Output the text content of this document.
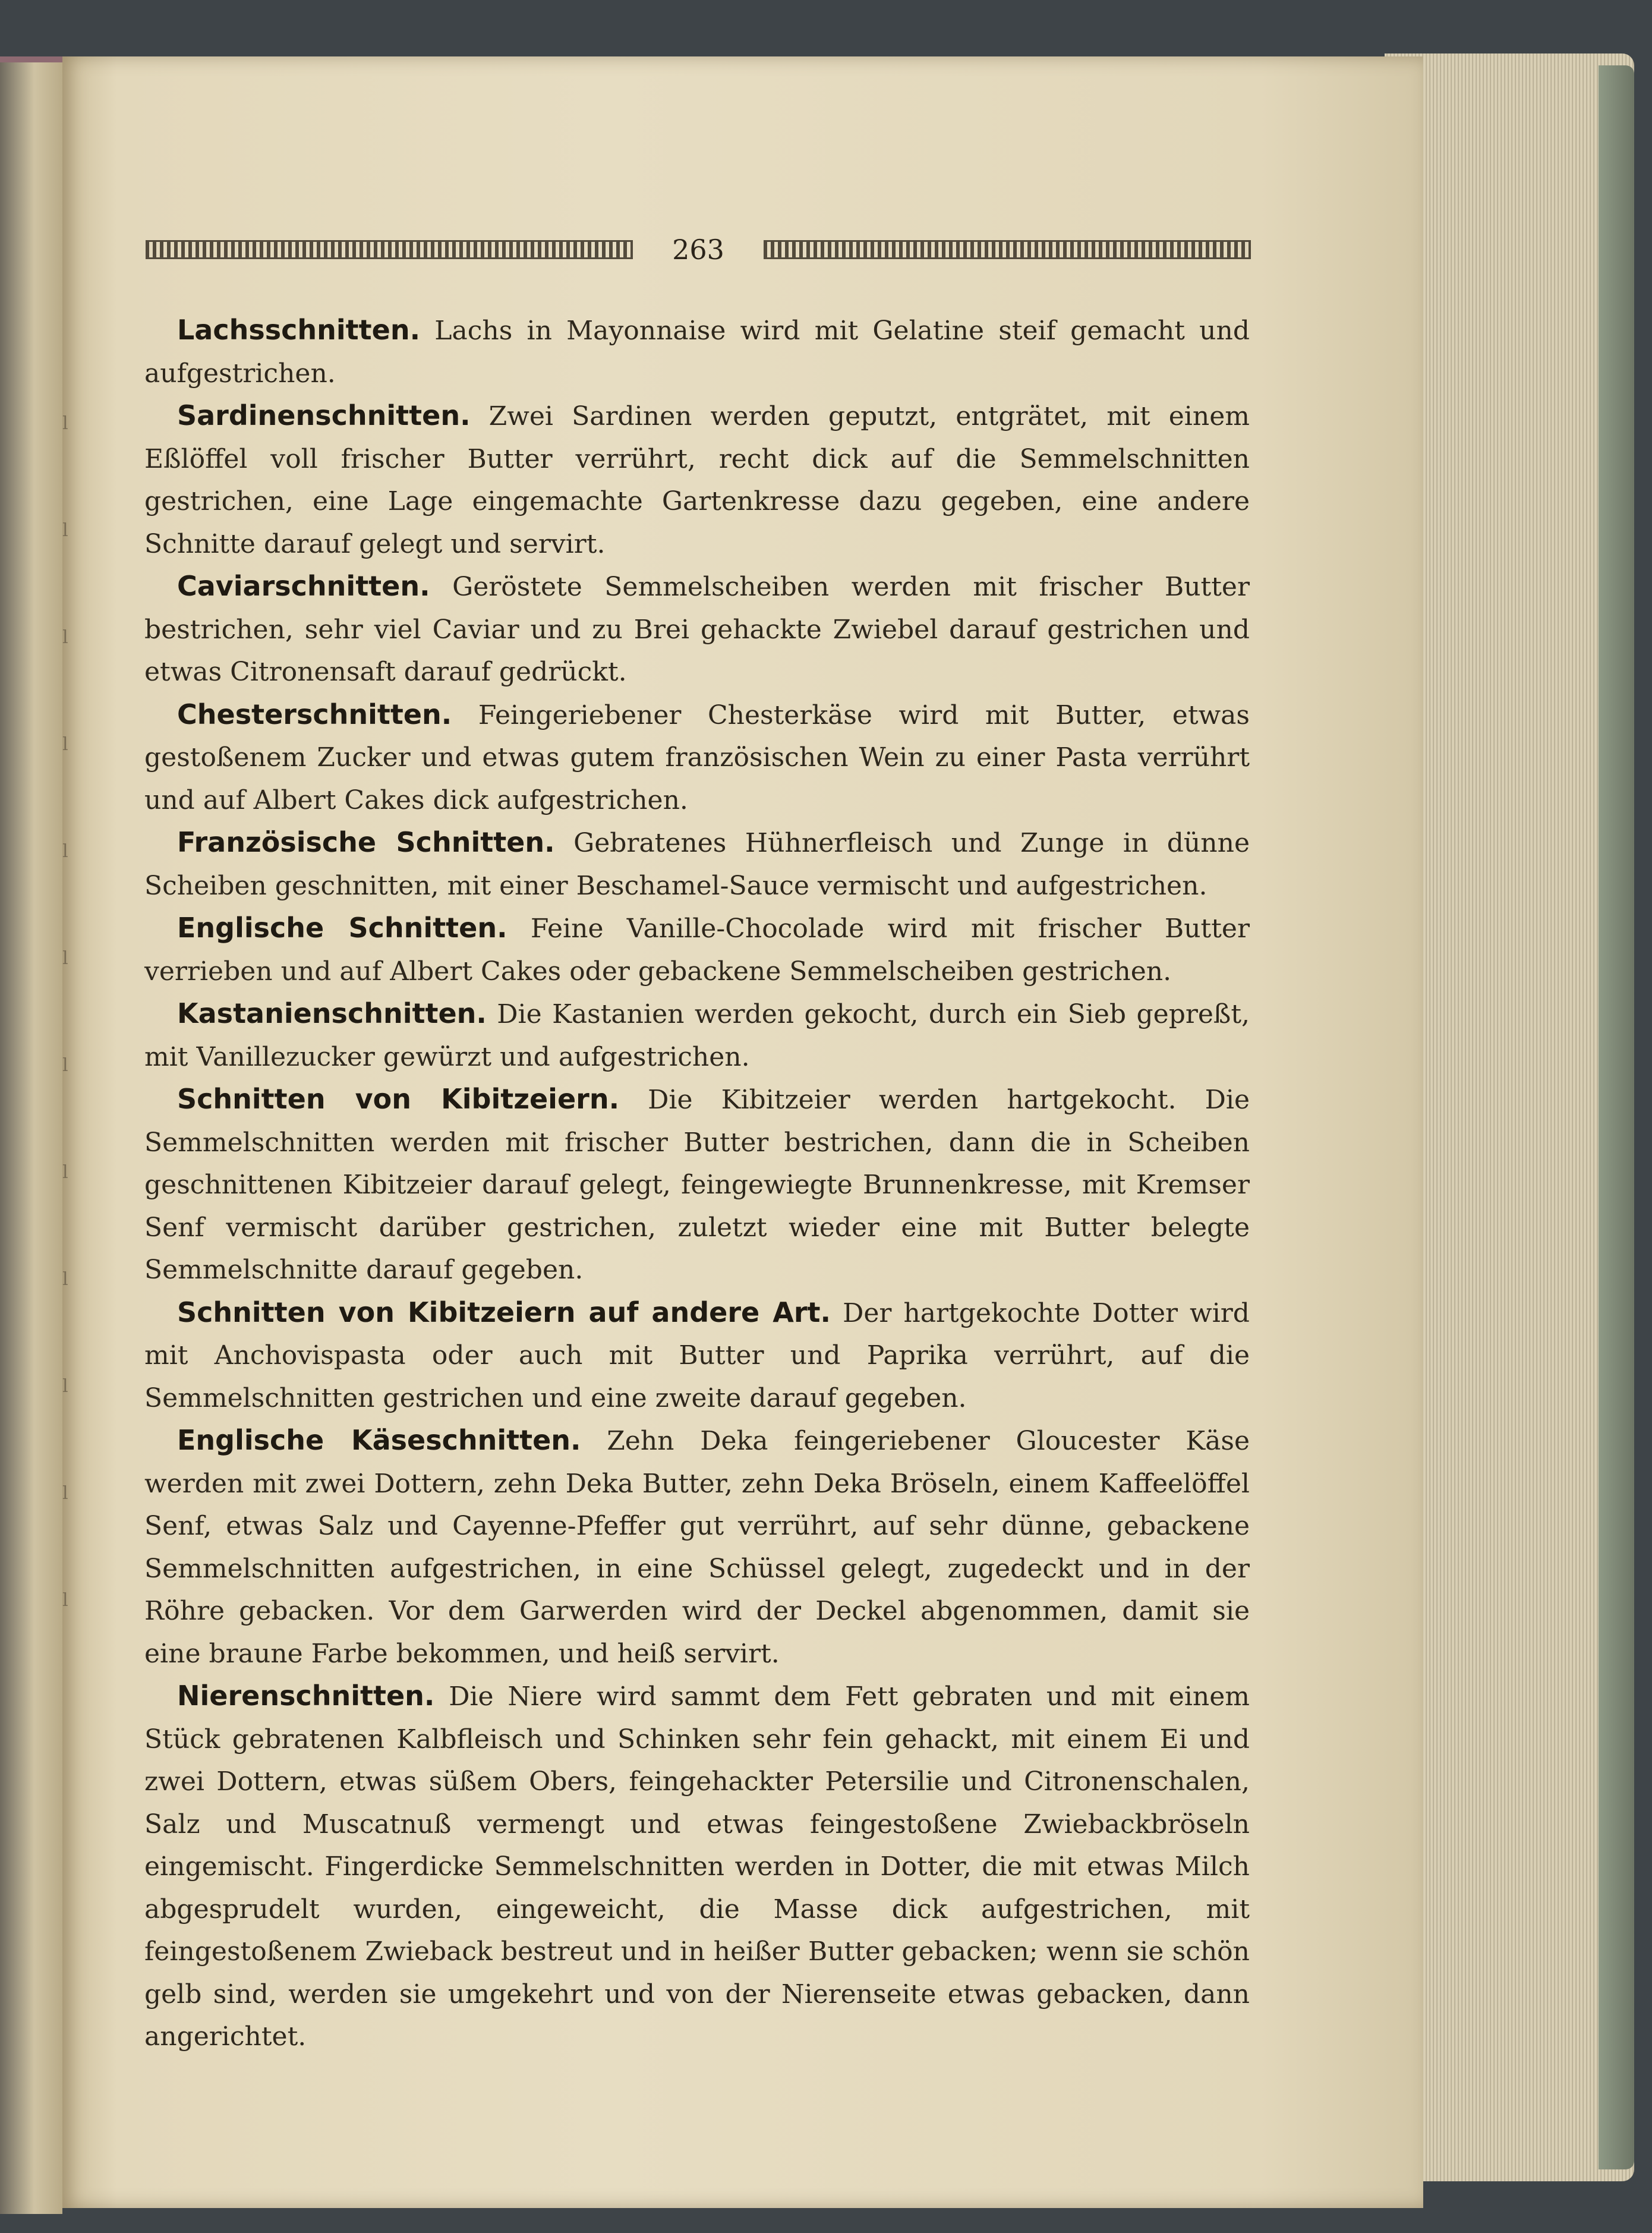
ⅼ
ⅼ
ⅼ
ⅼ
ⅼ
ⅼ
ⅼ
ⅼ
ⅼ
ⅼ
ⅼ
ⅼ
263

Lachsschnitten. Lachs in Mayonnaise wird mit Gelatine steif gemacht und aufgestrichen.

Sardinenschnitten. Zwei Sardinen werden geputzt, entgrätet, mit einem Eßlöffel voll frischer Butter verrührt, recht dick auf die Semmelschnitten gestrichen, eine Lage eingemachte Gartenkresse dazu gegeben, eine andere Schnitte darauf gelegt und servirt.

Caviarschnitten. Geröstete Semmelscheiben werden mit frischer Butter bestrichen, sehr viel Caviar und zu Brei gehackte Zwiebel darauf gestrichen und etwas Citronensaft darauf gedrückt.

Chesterschnitten. Feingeriebener Chesterkäse wird mit Butter, etwas gestoßenem Zucker und etwas gutem französischen Wein zu einer Pasta verrührt und auf Albert Cakes dick aufgestrichen.

Französische Schnitten. Gebratenes Hühnerfleisch und Zunge in dünne Scheiben geschnitten, mit einer Beschamel-Sauce vermischt und aufgestrichen.

Englische Schnitten. Feine Vanille-Chocolade wird mit frischer Butter verrieben und auf Albert Cakes oder gebackene Semmelscheiben gestrichen.

Kastanienschnitten. Die Kastanien werden gekocht, durch ein Sieb gepreßt, mit Vanillezucker gewürzt und aufgestrichen.

Schnitten von Kibitzeiern. Die Kibitzeier werden hartgekocht. Die Semmelschnitten werden mit frischer Butter bestrichen, dann die in Scheiben geschnittenen Kibitzeier darauf gelegt, feingewiegte Brunnenkresse, mit Kremser Senf vermischt darüber gestrichen, zuletzt wieder eine mit Butter belegte Semmelschnitte darauf gegeben.

Schnitten von Kibitzeiern auf andere Art. Der hartgekochte Dotter wird mit Anchovispasta oder auch mit Butter und Paprika verrührt, auf die Semmelschnitten gestrichen und eine zweite darauf gegeben.

Englische Käseschnitten. Zehn Deka feingeriebener Gloucester Käse werden mit zwei Dottern, zehn Deka Butter, zehn Deka Bröseln, einem Kaffeelöffel Senf, etwas Salz und Cayenne-Pfeffer gut verrührt, auf sehr dünne, gebackene Semmelschnitten aufgestrichen, in eine Schüssel gelegt, zugedeckt und in der Röhre gebacken. Vor dem Garwerden wird der Deckel abgenommen, damit sie eine braune Farbe bekommen, und heiß servirt.

Nierenschnitten. Die Niere wird sammt dem Fett gebraten und mit einem Stück gebratenen Kalbfleisch und Schinken sehr fein gehackt, mit einem Ei und zwei Dottern, etwas süßem Obers, feingehackter Petersilie und Citronenschalen, Salz und Muscatnuß vermengt und etwas feingestoßene Zwiebackbröseln eingemischt. Fingerdicke Semmelschnitten werden in Dotter, die mit etwas Milch abgesprudelt wurden, eingeweicht, die Masse dick aufgestrichen, mit feingestoßenem Zwieback bestreut und in heißer Butter gebacken; wenn sie schön gelb sind, werden sie umgekehrt und von der Nierenseite etwas gebacken, dann angerichtet.
